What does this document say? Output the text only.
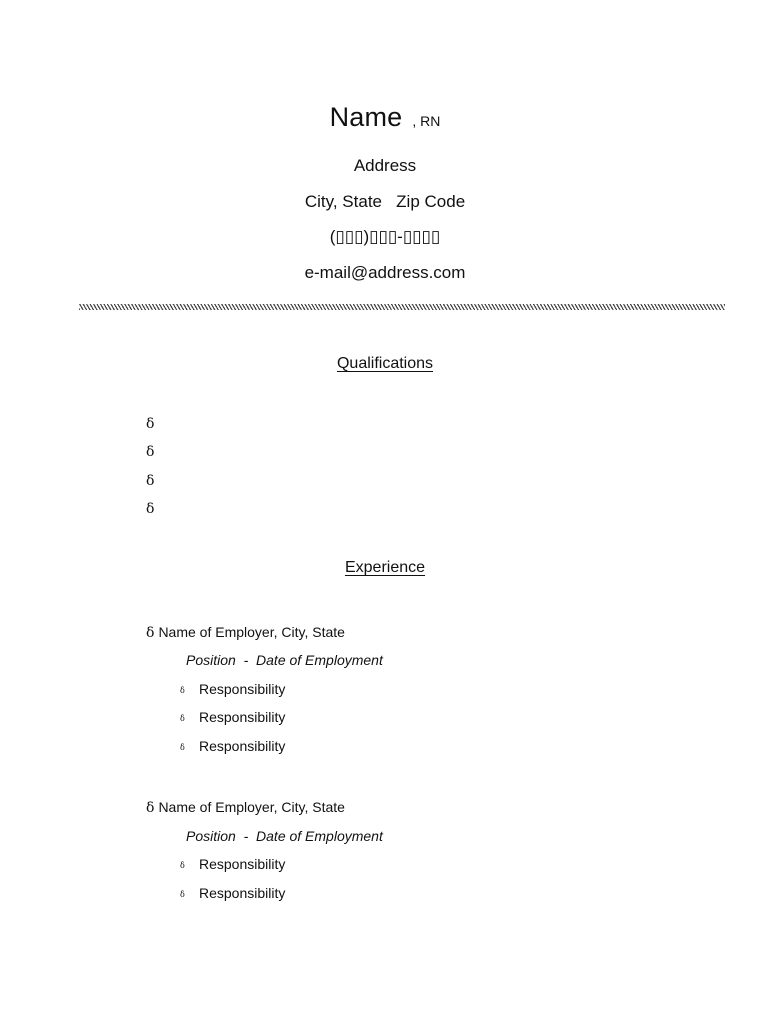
Name , RN
Address
City, State   Zip Code
(▯▯▯)▯▯▯-▯▯▯▯
e-mail@address.com
Qualifications
δ
δ
δ
δ
Experience
δ Name of Employer, City, State
Position  -  Date of Employment
δ Responsibility
δ Responsibility
δ Responsibility
δ Name of Employer, City, State
Position  -  Date of Employment
δ Responsibility
δ Responsibility
